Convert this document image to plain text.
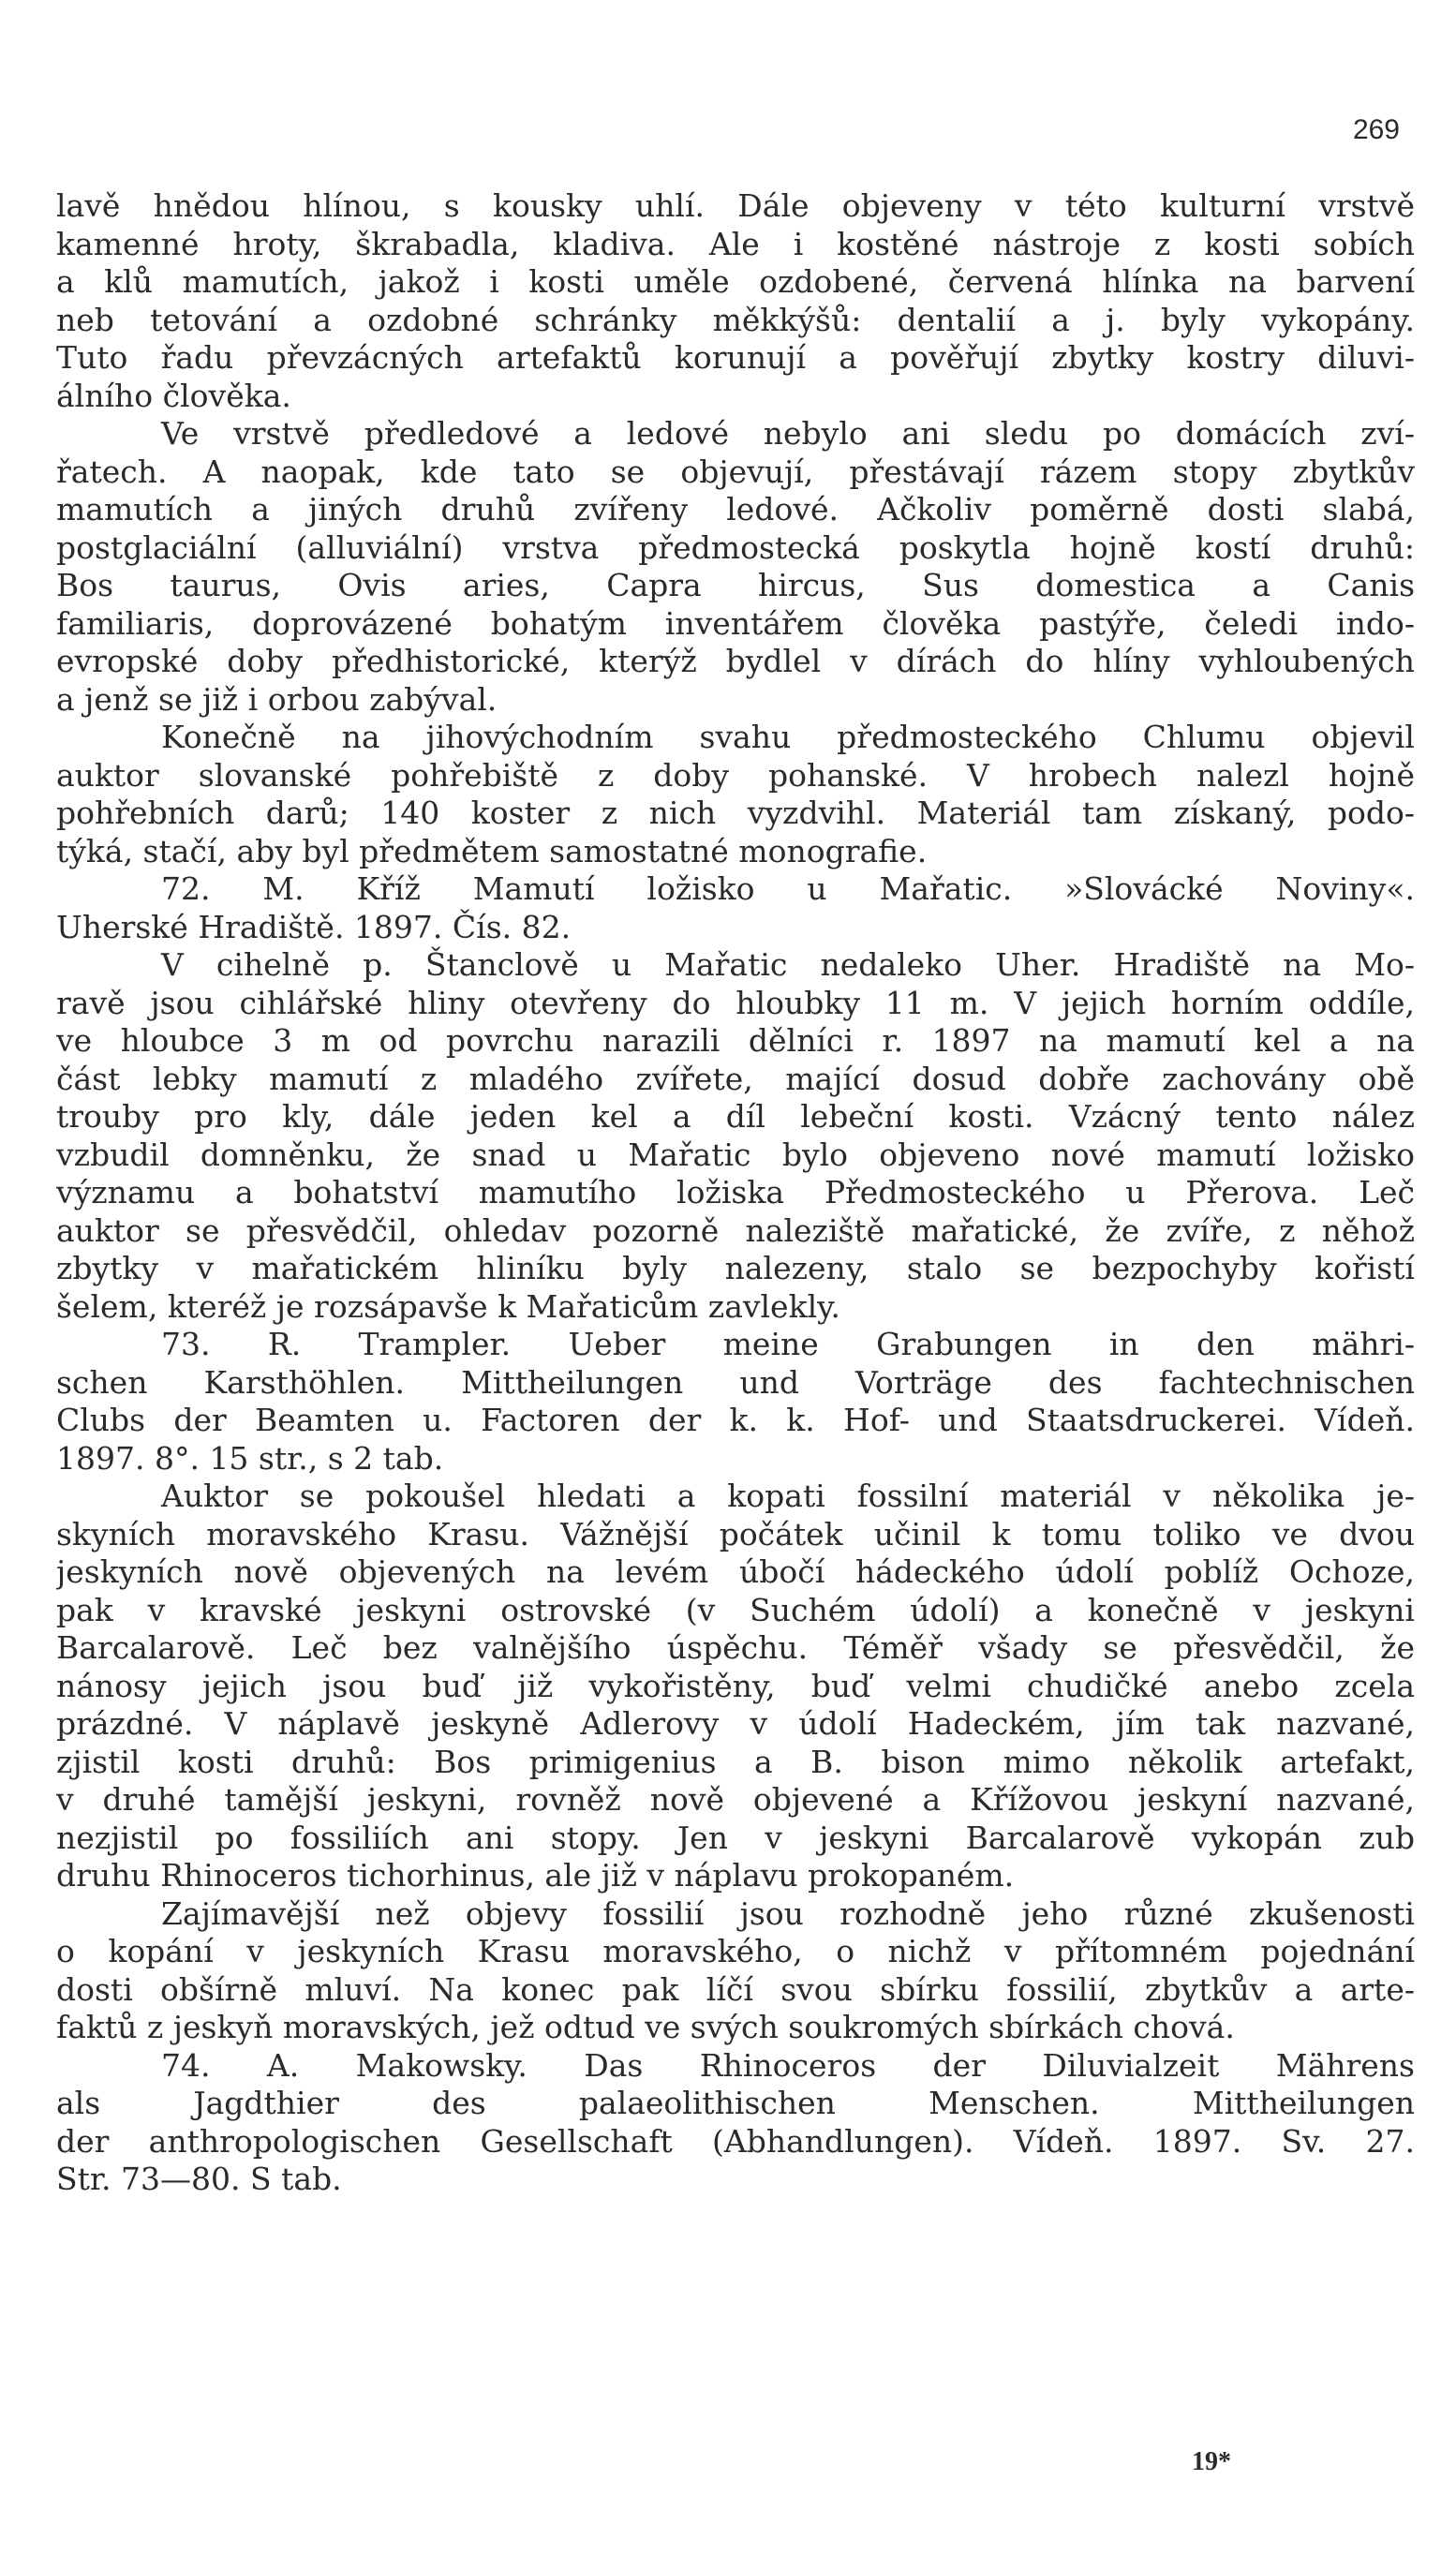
269
lavě hnědou hlínou, s kousky uhlí. Dále objeveny v této kulturní vrstvě
kamenné hroty, škrabadla, kladiva. Ale i kostěné nástroje z kosti sobích
a klů mamutích, jakož i kosti uměle ozdobené, červená hlínka na barvení
neb tetování a ozdobné schránky měkkýšů: dentalií a j. byly vykopány.
Tuto řadu převzácných artefaktů korunují a pověřují zbytky kostry diluvi-
álního člověka.
Ve vrstvě předledové a ledové nebylo ani sledu po domácích zví-
řatech. A naopak, kde tato se objevují, přestávají rázem stopy zbytkův
mamutích a jiných druhů zvířeny ledové. Ačkoliv poměrně dosti slabá,
postglaciální (alluviální) vrstva předmostecká poskytla hojně kostí druhů:
Bos taurus, Ovis aries, Capra hircus, Sus domestica a Canis
familiaris, doprovázené bohatým inventářem člověka pastýře, čeledi indo-
evropské doby předhistorické, kterýž bydlel v dírách do hlíny vyhloubených
a jenž se již i orbou zabýval.
Konečně na jihovýchodním svahu předmosteckého Chlumu objevil
auktor slovanské pohřebiště z doby pohanské. V hrobech nalezl hojně
pohřebních darů; 140 koster z nich vyzdvihl. Materiál tam získaný, podo-
týká, stačí, aby byl předmětem samostatné monografie.
72. M. Kříž Mamutí ložisko u Mařatic. »Slovácké Noviny«.
Uherské Hradiště. 1897. Čís. 82.
V cihelně p. Štanclově u Mařatic nedaleko Uher. Hradiště na Mo-
ravě jsou cihlářské hliny otevřeny do hloubky 11 m. V jejich horním oddíle,
ve hloubce 3 m od povrchu narazili dělníci r. 1897 na mamutí kel a na
část lebky mamutí z mladého zvířete, mající dosud dobře zachovány obě
trouby pro kly, dále jeden kel a díl lebeční kosti. Vzácný tento nález
vzbudil domněnku, že snad u Mařatic bylo objeveno nové mamutí ložisko
významu a bohatství mamutího ložiska Předmosteckého u Přerova. Leč
auktor se přesvědčil, ohledav pozorně naleziště mařatické, že zvíře, z něhož
zbytky v mařatickém hliníku byly nalezeny, stalo se bezpochyby kořistí
šelem, kteréž je rozsápavše k Mařaticům zavlekly.
73. R. Trampler. Ueber meine Grabungen in den mähri-
schen Karsthöhlen. Mittheilungen und Vorträge des fachtechnischen
Clubs der Beamten u. Factoren der k. k. Hof- und Staatsdruckerei. Vídeň.
1897. 8°. 15 str., s 2 tab.
Auktor se pokoušel hledati a kopati fossilní materiál v několika je-
skyních moravského Krasu. Vážnější počátek učinil k tomu toliko ve dvou
jeskyních nově objevených na levém úbočí hádeckého údolí poblíž Ochoze,
pak v kravské jeskyni ostrovské (v Suchém údolí) a konečně v jeskyni
Barcalarově. Leč bez valnějšího úspěchu. Téměř všady se přesvědčil, že
nánosy jejich jsou buď již vykořistěny, buď velmi chudičké anebo zcela
prázdné. V náplavě jeskyně Adlerovy v údolí Hadeckém, jím tak nazvané,
zjistil kosti druhů: Bos primigenius a B. bison mimo několik artefakt,
v druhé tamější jeskyni, rovněž nově objevené a Křížovou jeskyní nazvané,
nezjistil po fossiliích ani stopy. Jen v jeskyni Barcalarově vykopán zub
druhu Rhinoceros tichorhinus, ale již v náplavu prokopaném.
Zajímavější než objevy fossilií jsou rozhodně jeho různé zkušenosti
o kopání v jeskyních Krasu moravského, o nichž v přítomném pojednání
dosti obšírně mluví. Na konec pak líčí svou sbírku fossilií, zbytkův a arte-
faktů z jeskyň moravských, jež odtud ve svých soukromých sbírkách chová.
74. A. Makowsky. Das Rhinoceros der Diluvialzeit Mährens
als Jagdthier des palaeolithischen Menschen. Mittheilungen
der anthropologischen Gesellschaft (Abhandlungen). Vídeň. 1897. Sv. 27.
Str. 73—80. S tab.
19*
